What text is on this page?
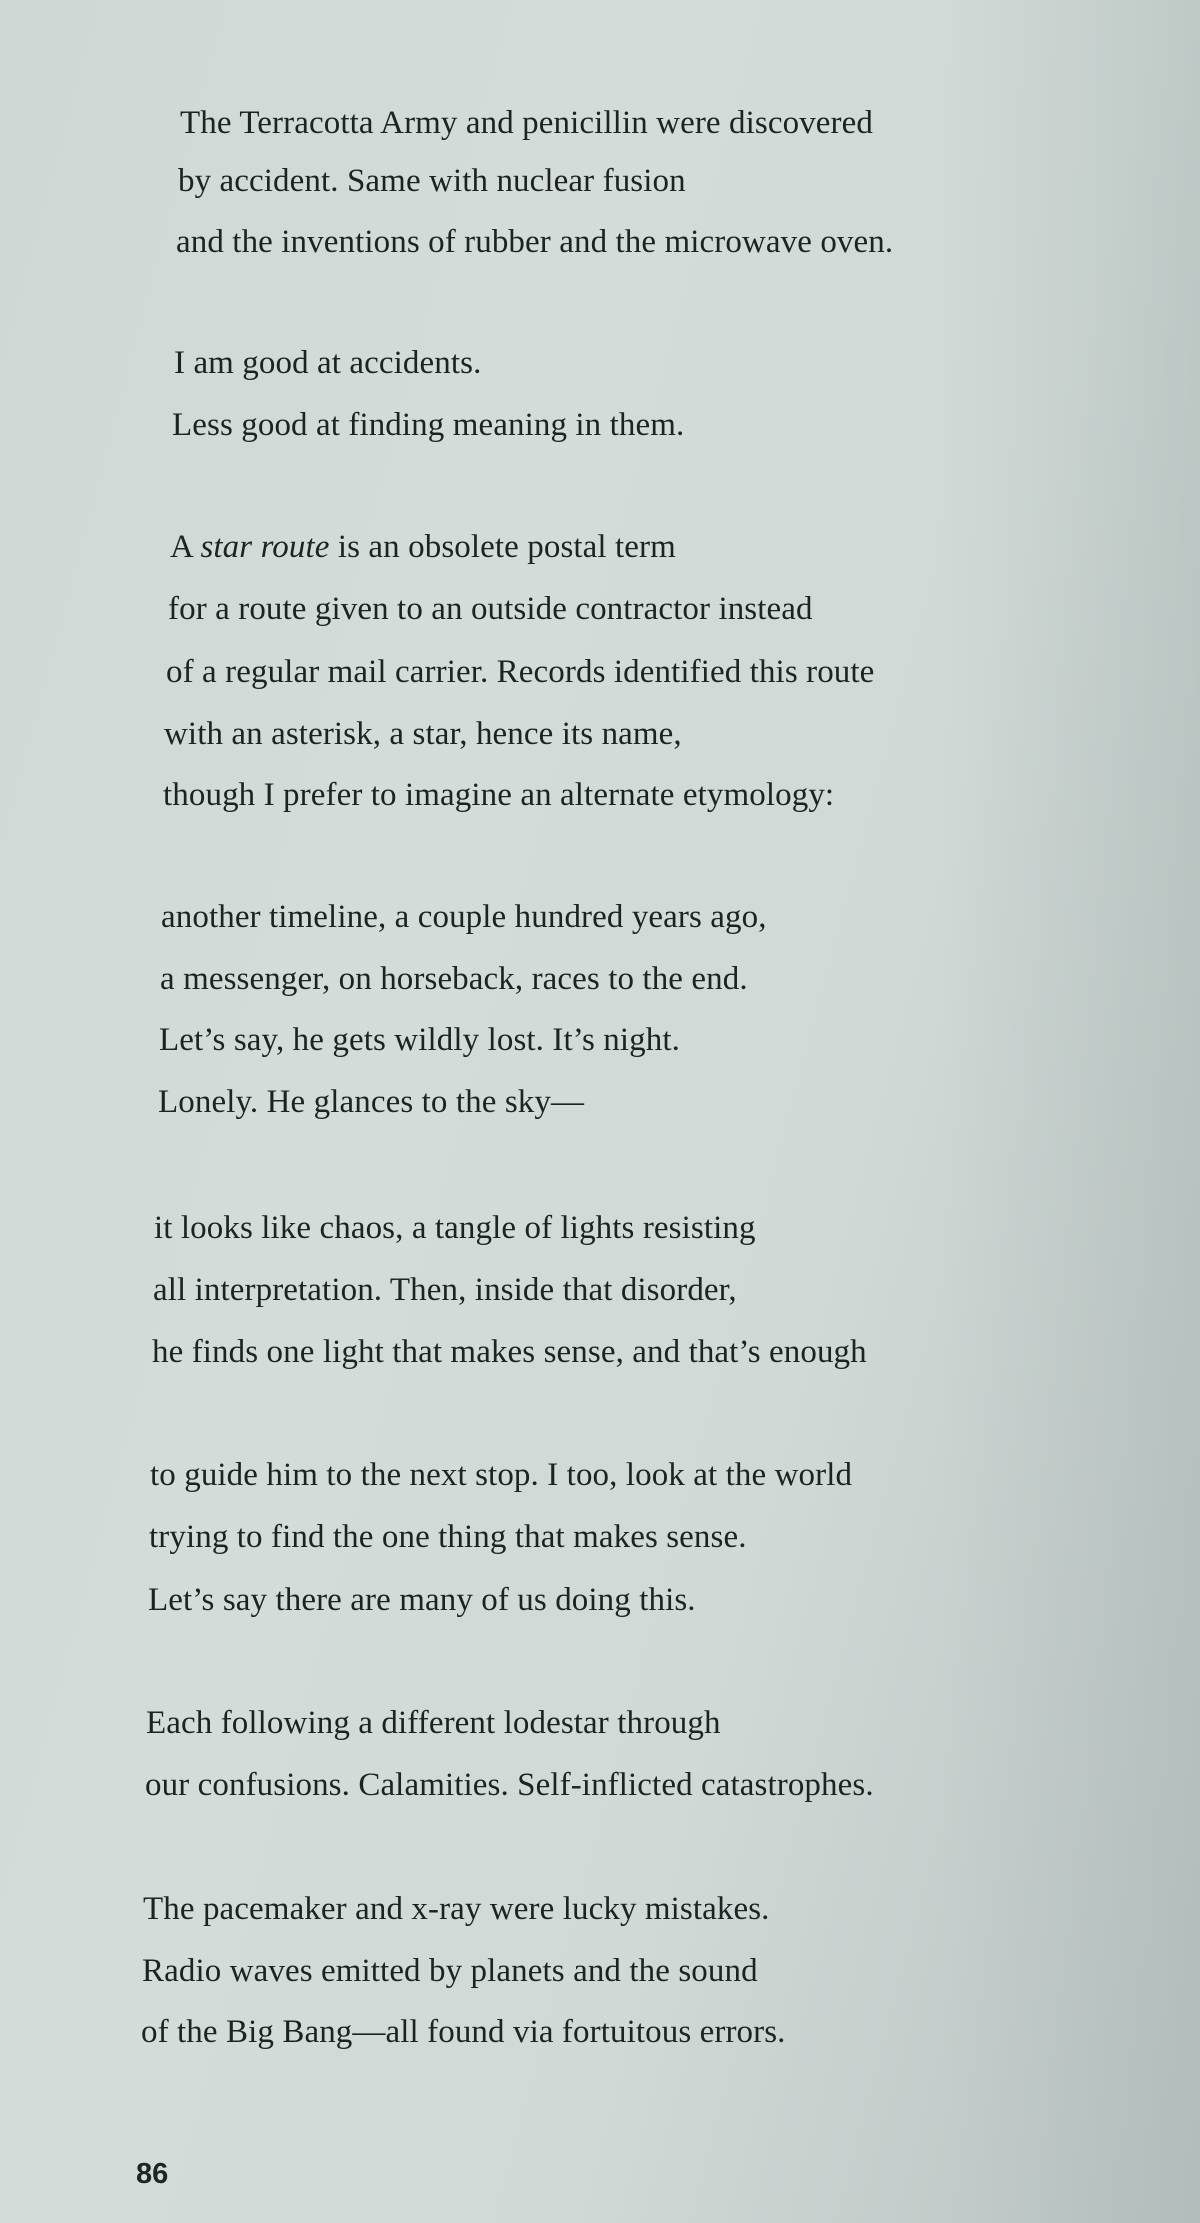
The Terracotta Army and penicillin were discovered
by accident. Same with nuclear fusion
and the inventions of rubber and the microwave oven.
I am good at accidents.
Less good at finding meaning in them.
A star route is an obsolete postal term
for a route given to an outside contractor instead
of a regular mail carrier. Records identified this route
with an asterisk, a star, hence its name,
though I prefer to imagine an alternate etymology:
another timeline, a couple hundred years ago,
a messenger, on horseback, races to the end.
Let’s say, he gets wildly lost. It’s night.
Lonely. He glances to the sky—
it looks like chaos, a tangle of lights resisting
all interpretation. Then, inside that disorder,
he finds one light that makes sense, and that’s enough
to guide him to the next stop. I too, look at the world
trying to find the one thing that makes sense.
Let’s say there are many of us doing this.
Each following a different lodestar through
our confusions. Calamities. Self-inflicted catastrophes.
The pacemaker and x-ray were lucky mistakes.
Radio waves emitted by planets and the sound
of the Big Bang—all found via fortuitous errors.
86
